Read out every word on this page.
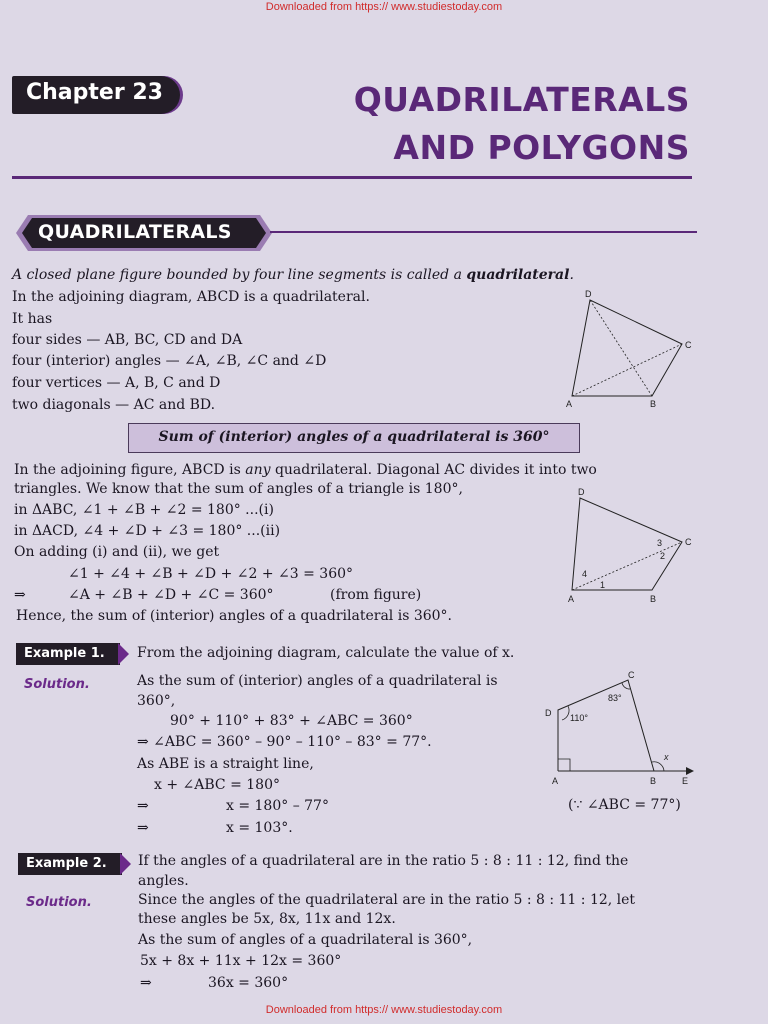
Downloaded from https:// www.studiestoday.com
Downloaded from https:// www.studiestoday.com
Chapter 23	QUADRILATERALS
AND POLYGONS
QUADRILATERALS
A closed plane figure bounded by four line segments is called a quadrilateral.
In the adjoining diagram, ABCD is a quadrilateral.
It has
four sides — AB, BC, CD and DA
four (interior) angles — ∠A, ∠B, ∠C and ∠D
four vertices — A, B, C and D
two diagonals — AC and BD.	A	B
C
D
Sum of (interior) angles of a quadrilateral is 360°
In the adjoining figure, ABCD is any quadrilateral. Diagonal AC divides it into two
triangles. We know that the sum of angles of a triangle is 180°,
in ΔABC, ∠1 + ∠B + ∠2 = 180° ...(i)
in ΔACD, ∠4 + ∠D + ∠3 = 180° ...(ii)
On adding (i) and (ii), we get
∠1 + ∠4 + ∠B + ∠D + ∠2 + ∠3 = 360°
⇒	∠A + ∠B + ∠D + ∠C = 360°	(from figure)
Hence, the sum of (interior) angles of a quadrilateral is 360°.
A	B
C
D
1
2
3
4
Example 1. From the adjoining diagram, calculate the value of x.
Solution.	As the sum of (interior) angles of a quadrilateral is
360°,
90° + 110° + 83° + ∠ABC = 360°
⇒ ∠ABC = 360° – 90° – 110° – 83° = 77°.
As ABE is a straight line,
x + ∠ABC = 180°
⇒	x = 180° – 77°
⇒	x = 103°.
(∵ ∠ABC = 77°)
A	B
C
D
E
83°
110°
x
Example 2. If the angles of a quadrilateral are in the ratio 5 : 8 : 11 : 12, find the
angles.
Solution.	Since the angles of the quadrilateral are in the ratio 5 : 8 : 11 : 12, let
these angles be 5x, 8x, 11x and 12x.
As the sum of angles of a quadrilateral is 360°,
5x + 8x + 11x + 12x = 360°
⇒	36x = 360°
